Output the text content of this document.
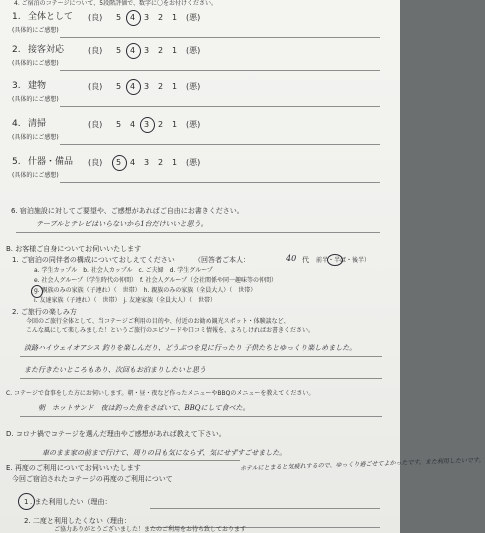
4. ご宿泊のコテージについて、5段階評価で、数字に〇をお付けください。
1. 全体として (良) 5 4 3 2 1 (悪)
(具体的にご感想)
2. 接客対応	(良) 5 4 3 2 1 (悪)
(具体的にご感想)
3. 建物	(良) 5 4 3 2 1 (悪)
(具体的にご感想)
4. 清掃	(良) 5 4 3 2 1 (悪)
(具体的にご感想)
5. 什器・備品 (良) 5 4 3 2 1 (悪)
(具体的にご感想)
6. 宿泊施設に対してご要望や、ご感想があればご自由にお書きください。
テーブルとテレビはいらないから1台だけいいと思う。
B. お客様ご自身についてお伺いいたします
1. ご宿泊の同伴者の構成についておしえてください	（回答者ご本人：	40 代 前半・半ば・後半）
a. 学生カップル　b. 社会人カップル　c. ご夫婦　d. 学生グループ
e. 社会人グループ（学生時代の仲間）　f. 社会人グループ（会社関係や同一趣味等の仲間）
g. 親族のみの家族（子連れ）（　世帯）　h. 親族のみの家族（全員大人）（　世帯）
i. 友達家族（子連れ）（　世帯）　j. 友達家族（全員大人）（　世帯）
2. ご旅行の楽しみ方
今回のご旅行全体として、当コテージご利用の目的や、付近のお勧め観光スポット・体験談など、
こんな風にして楽しみました！というご旅行のエピソードや口コミ情報を、よろしければお書きください。
淡路ハイウェイオアシス 釣りを楽しんだり、どうぶつを見に行ったり 子供たちとゆっくり楽しめました。
また行きたいところもあり、次回もお泊まりしたいと思う
C. コテージで食事をした方にお伺いします。朝・昼・夜など作ったメニューやBBQのメニューを教えてください。
朝　ホットサンド　夜は釣った魚をさばいて、BBQにして食べた。
D. コロナ禍でコテージを選んだ理由やご感想があれば教えて下さい。
車のまま家の前まで行けて、周りの目も気にならず、気にせずすごせました。
ホテルにとまると気疲れするので、ゆっくり過ごせてよかったです。また利用したいです。
E. 再度のご利用についてお伺いいたします
今回ご宿泊されたコテージの再度のご利用について
1 . また利用したい（理由：
2. 二度と利用したくない（理由：
ご協力ありがとうございました！またのご利用をお待ち致しております
